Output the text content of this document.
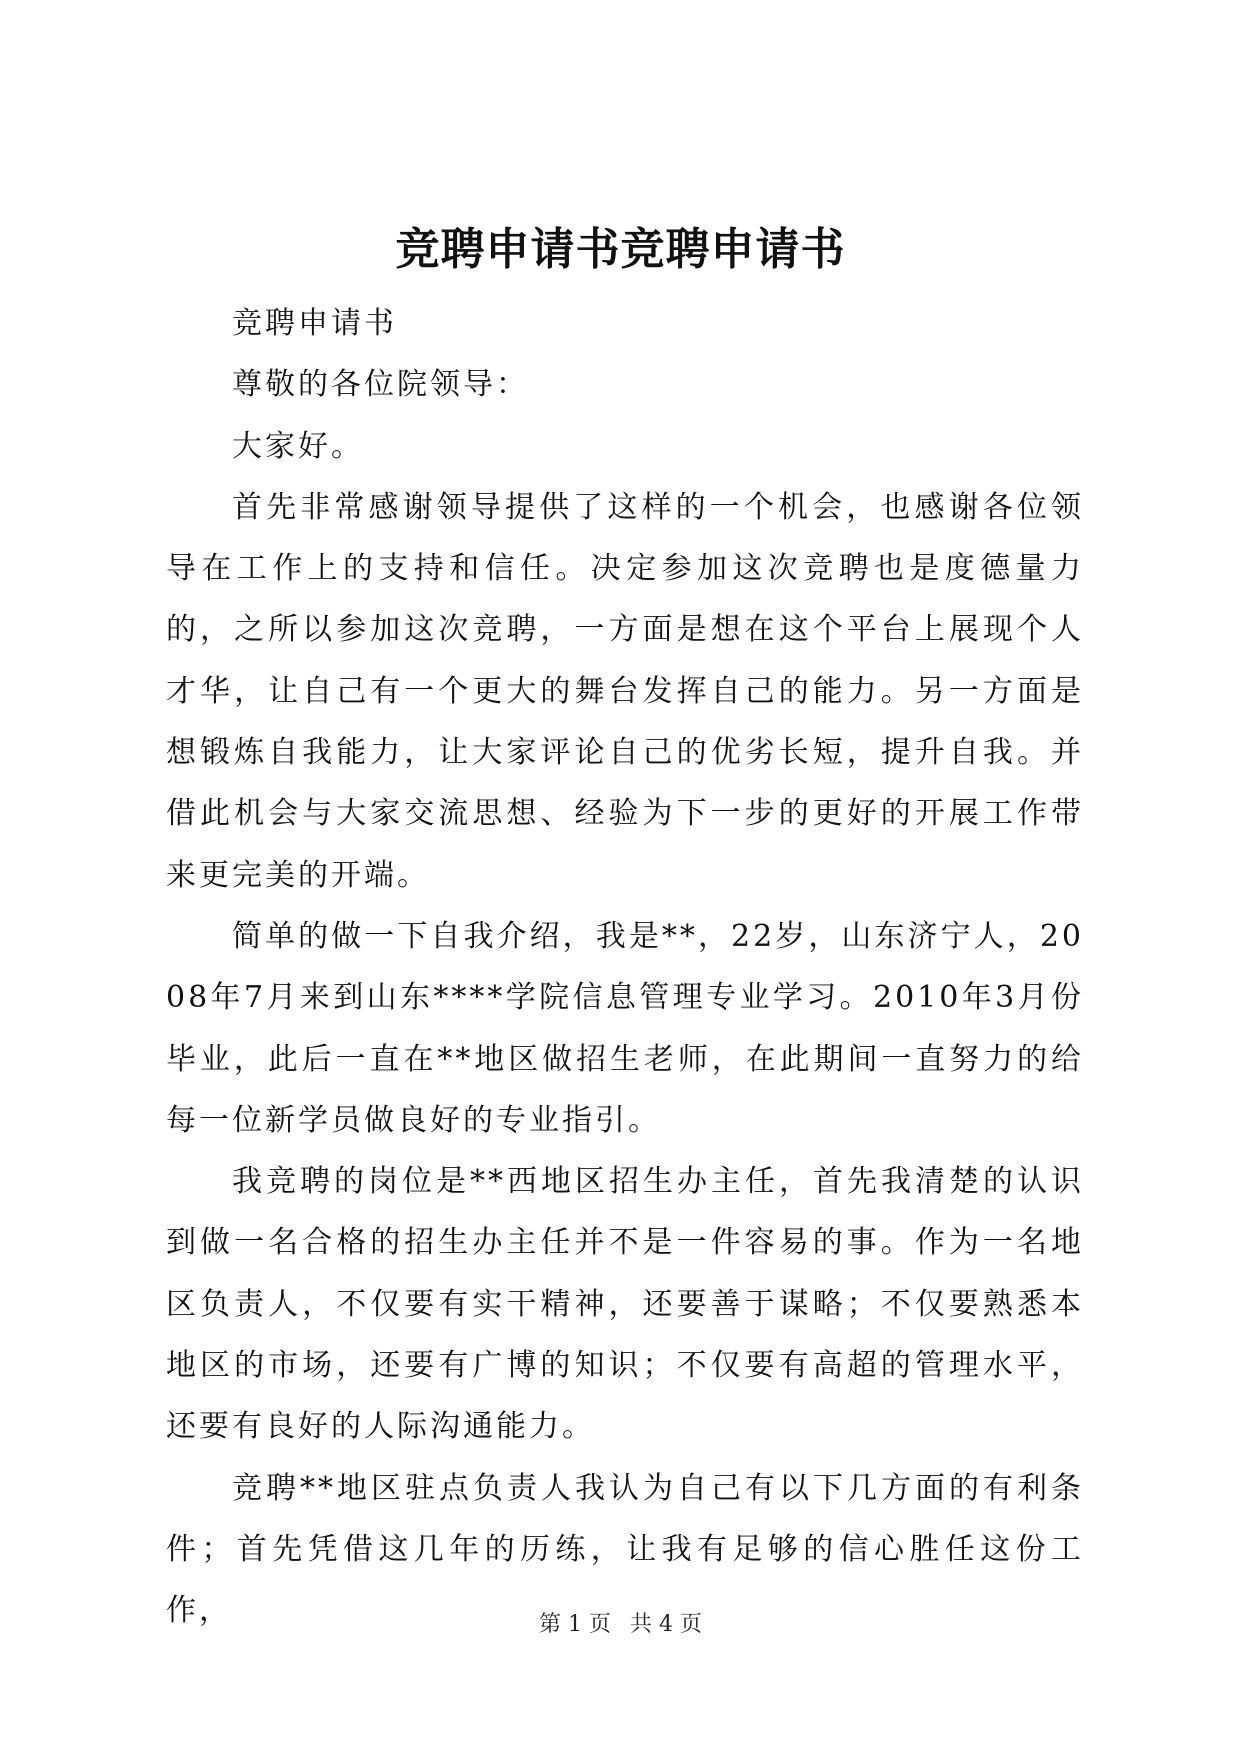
竞聘申请书竞聘申请书

竞聘申请书

尊敬的各位院领导：

大家好。

首先非常感谢领导提供了这样的一个机会，也感谢各位领导在工作上的支持和信任。决定参加这次竞聘也是度德量力的，之所以参加这次竞聘，一方面是想在这个平台上展现个人才华，让自己有一个更大的舞台发挥自己的能力。另一方面是想锻炼自我能力，让大家评论自己的优劣长短，提升自我。并借此机会与大家交流思想、经验为下一步的更好的开展工作带来更完美的开端。

简单的做一下自我介绍，我是**，22岁，山东济宁人，2008年7月来到山东****学院信息管理专业学习。2010年3月份毕业，此后一直在**地区做招生老师，在此期间一直努力的给每一位新学员做良好的专业指引。

我竞聘的岗位是**西地区招生办主任，首先我清楚的认识到做一名合格的招生办主任并不是一件容易的事。作为一名地区负责人，不仅要有实干精神，还要善于谋略；不仅要熟悉本地区的市场，还要有广博的知识；不仅要有高超的管理水平，还要有良好的人际沟通能力。

竞聘**地区驻点负责人我认为自己有以下几方面的有利条件；首先凭借这几年的历练，让我有足够的信心胜任这份工作，	第 1 页 共 4 页
